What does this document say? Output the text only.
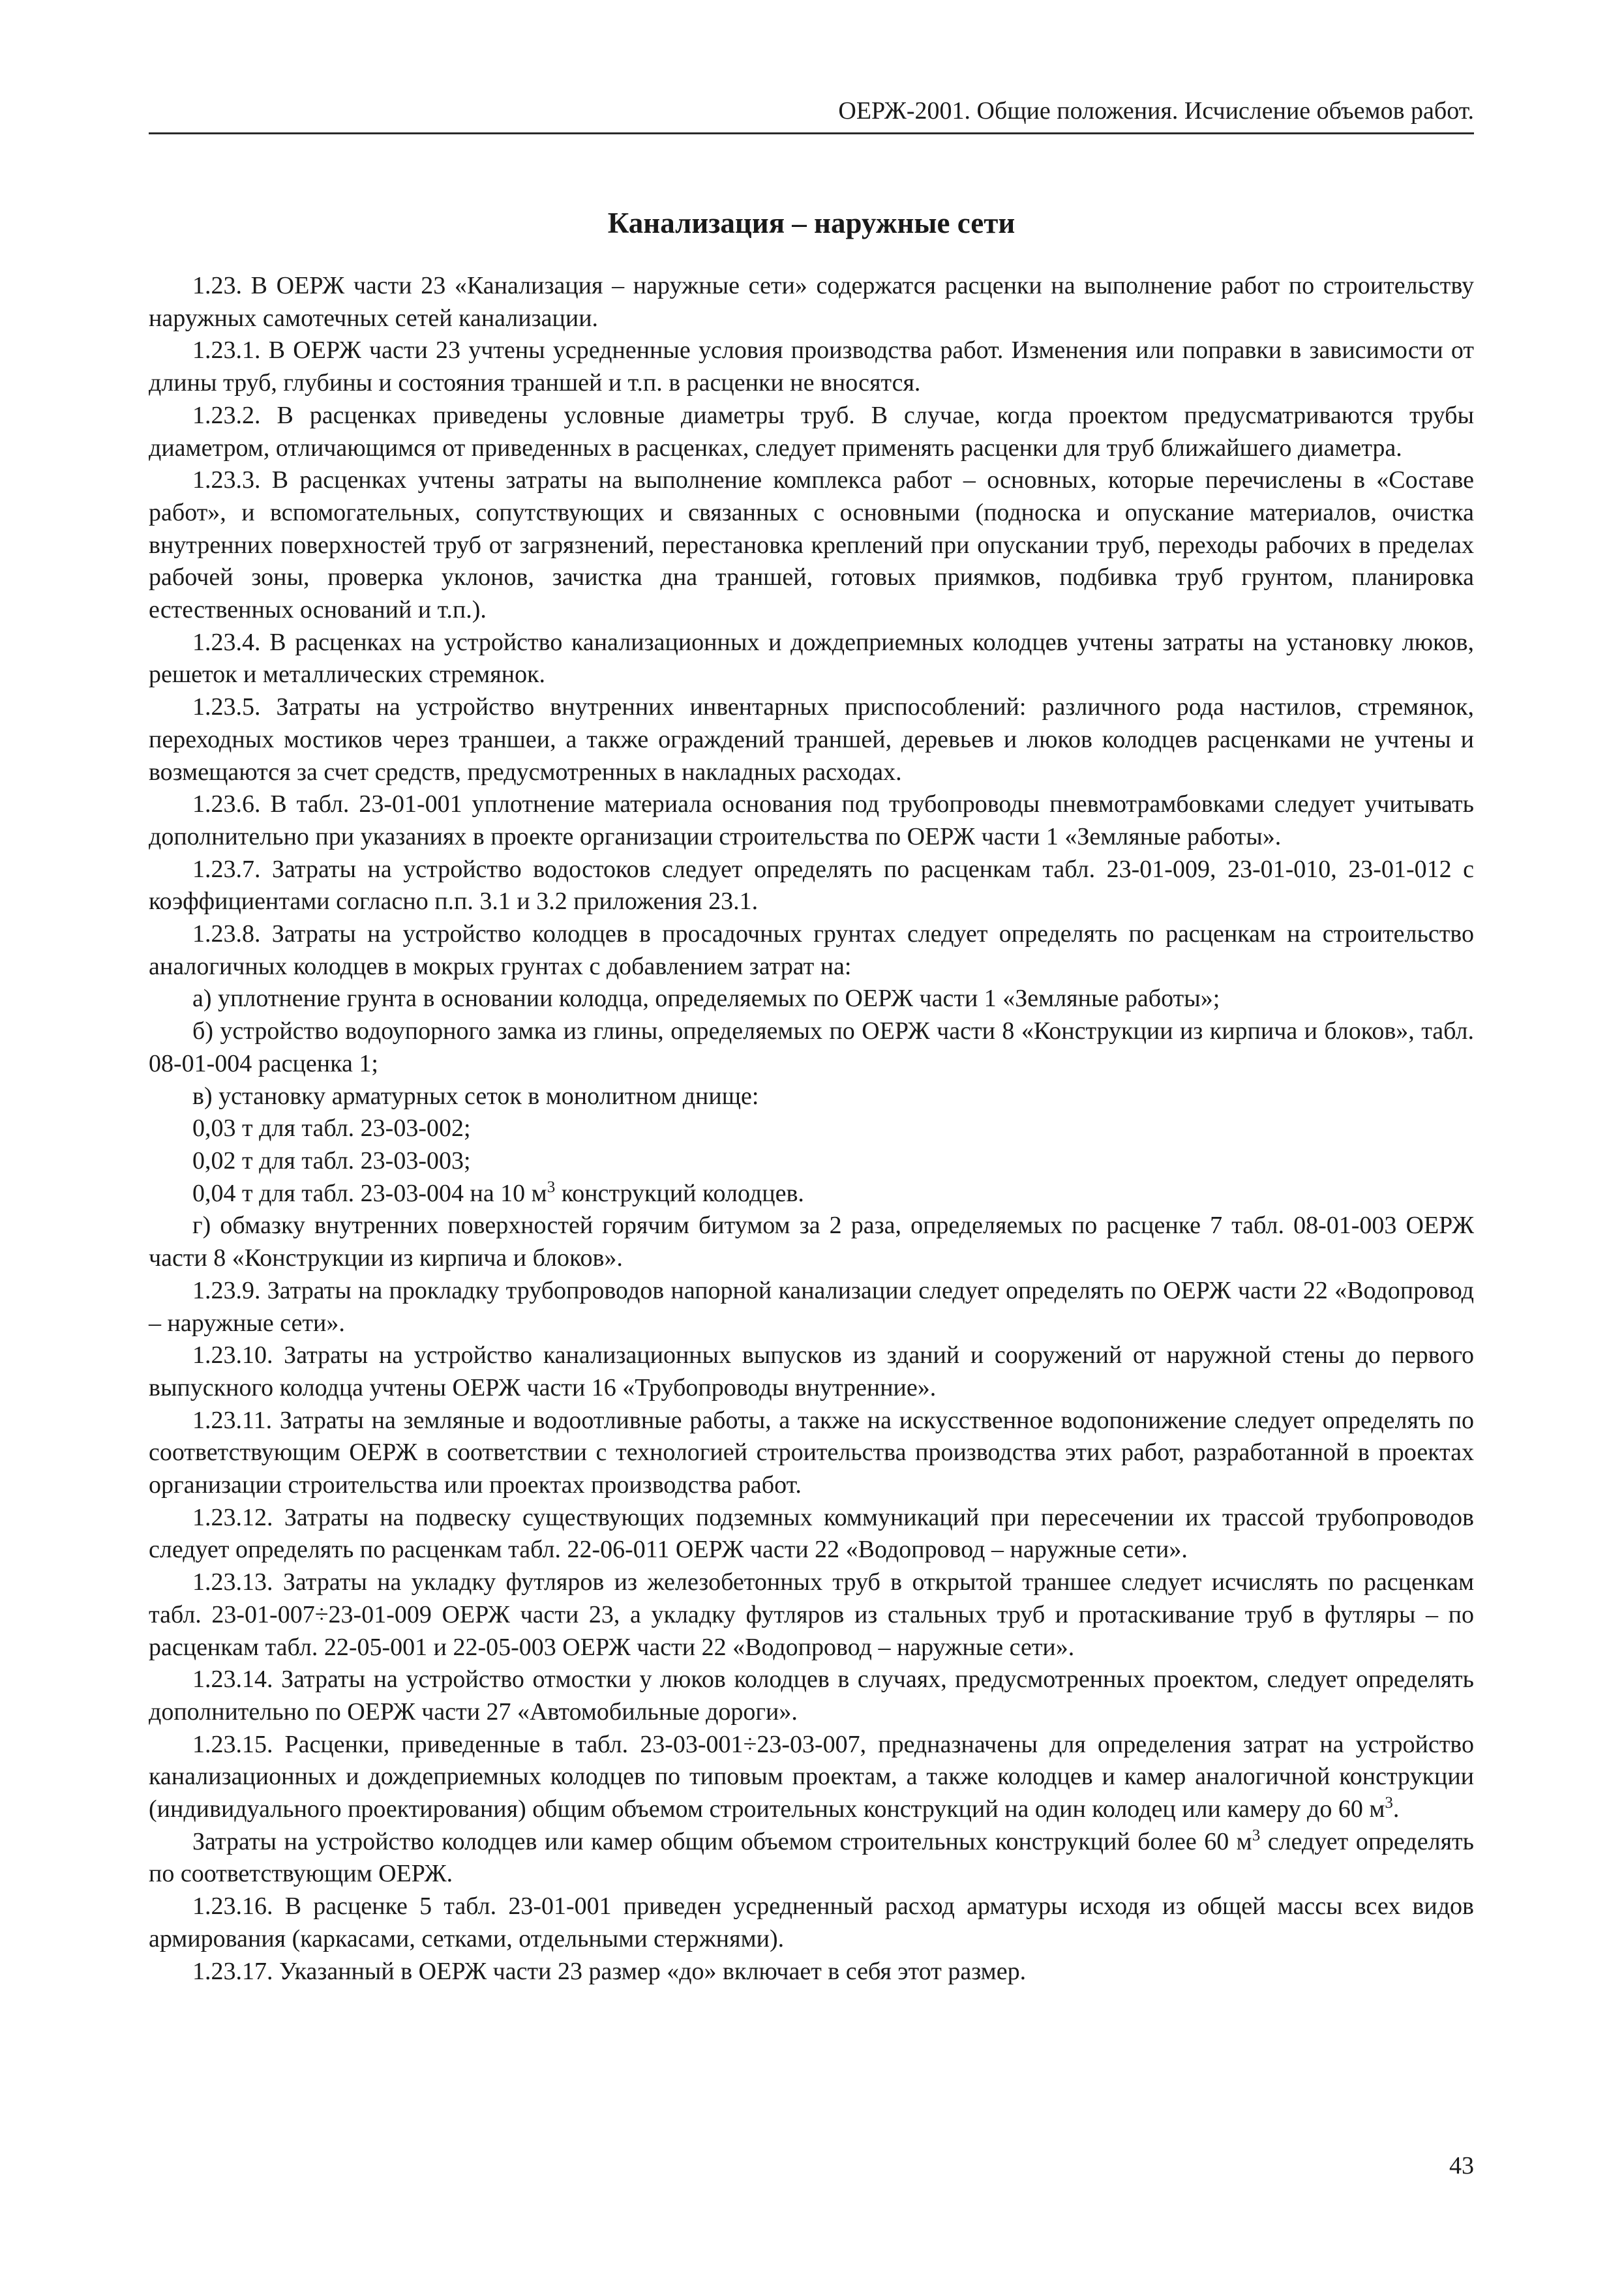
ОЕРЖ-2001. Общие положения. Исчисление объемов работ.
Канализация – наружные сети

1.23. В ОЕРЖ части 23 «Канализация – наружные сети» содержатся расценки на выполнение работ по строительству наружных самотечных сетей канализации.

1.23.1. В ОЕРЖ части 23 учтены усредненные условия производства работ. Изменения или поправки в зависимости от длины труб, глубины и состояния траншей и т.п. в расценки не вносятся.

1.23.2. В расценках приведены условные диаметры труб. В случае, когда проектом предусматриваются трубы диаметром, отличающимся от приведенных в расценках, следует применять расценки для труб ближайшего диаметра.

1.23.3. В расценках учтены затраты на выполнение комплекса работ – основных, которые перечислены в «Составе работ», и вспомогательных, сопутствующих и связанных с основными (подноска и опускание материалов, очистка внутренних поверхностей труб от загрязнений, перестановка креплений при опускании труб, переходы рабочих в пределах рабочей зоны, проверка уклонов, зачистка дна траншей, готовых приямков, подбивка труб грунтом, планировка естественных оснований и т.п.).

1.23.4. В расценках на устройство канализационных и дождеприемных колодцев учтены затраты на установку люков, решеток и металлических стремянок.

1.23.5. Затраты на устройство внутренних инвентарных приспособлений: различного рода настилов, стремянок, переходных мостиков через траншеи, а также ограждений траншей, деревьев и люков колодцев расценками не учтены и возмещаются за счет средств, предусмотренных в накладных расходах.

1.23.6. В табл. 23-01-001 уплотнение материала основания под трубопроводы пневмотрамбовками следует учитывать дополнительно при указаниях в проекте организации строительства по ОЕРЖ части 1 «Земляные работы».

1.23.7. Затраты на устройство водостоков следует определять по расценкам табл. 23-01-009, 23-01-010, 23-01-012 с коэффициентами согласно п.п. 3.1 и 3.2 приложения 23.1.

1.23.8. Затраты на устройство колодцев в просадочных грунтах следует определять по расценкам на строительство аналогичных колодцев в мокрых грунтах с добавлением затрат на:

а) уплотнение грунта в основании колодца, определяемых по ОЕРЖ части 1 «Земляные работы»;

б) устройство водоупорного замка из глины, определяемых по ОЕРЖ части 8 «Конструкции из кирпича и блоков», табл. 08-01-004 расценка 1;

в) установку арматурных сеток в монолитном днище:

0,03 т для табл. 23-03-002;

0,02 т для табл. 23-03-003;

0,04 т для табл. 23-03-004 на 10 $м^3$ конструкций колодцев.

г) обмазку внутренних поверхностей горячим битумом за 2 раза, определяемых по расценке 7 табл. 08-01-003 ОЕРЖ части 8 «Конструкции из кирпича и блоков».

1.23.9. Затраты на прокладку трубопроводов напорной канализации следует определять по ОЕРЖ части 22 «Водопровод – наружные сети».

1.23.10. Затраты на устройство канализационных выпусков из зданий и сооружений от наружной стены до первого выпускного колодца учтены ОЕРЖ части 16 «Трубопроводы внутренние».

1.23.11. Затраты на земляные и водоотливные работы, а также на искусственное водопонижение следует определять по соответствующим ОЕРЖ в соответствии с технологией строительства производства этих работ, разработанной в проектах организации строительства или проектах производства работ.

1.23.12. Затраты на подвеску существующих подземных коммуникаций при пересечении их трассой трубопроводов следует определять по расценкам табл. 22-06-011 ОЕРЖ части 22 «Водопровод – наружные сети».

1.23.13. Затраты на укладку футляров из железобетонных труб в открытой траншее следует исчислять по расценкам табл. 23-01-007÷23-01-009 ОЕРЖ части 23, а укладку футляров из стальных труб и протаскивание труб в футляры – по расценкам табл. 22-05-001 и 22-05-003 ОЕРЖ части 22 «Водопровод – наружные сети».

1.23.14. Затраты на устройство отмостки у люков колодцев в случаях, предусмотренных проектом, следует определять дополнительно по ОЕРЖ части 27 «Автомобильные дороги».

1.23.15. Расценки, приведенные в табл. 23-03-001÷23-03-007, предназначены для определения затрат на устройство канализационных и дождеприемных колодцев по типовым проектам, а также колодцев и камер аналогичной конструкции (индивидуального проектирования) общим объемом строительных конструкций на один колодец или камеру до 60 $м^3$.

Затраты на устройство колодцев или камер общим объемом строительных конструкций более 60 $м^3$ следует определять по соответствующим ОЕРЖ.

1.23.16. В расценке 5 табл. 23-01-001 приведен усредненный расход арматуры исходя из общей массы всех видов армирования (каркасами, сетками, отдельными стержнями).

1.23.17. Указанный в ОЕРЖ части 23 размер «до» включает в себя этот размер.

43
